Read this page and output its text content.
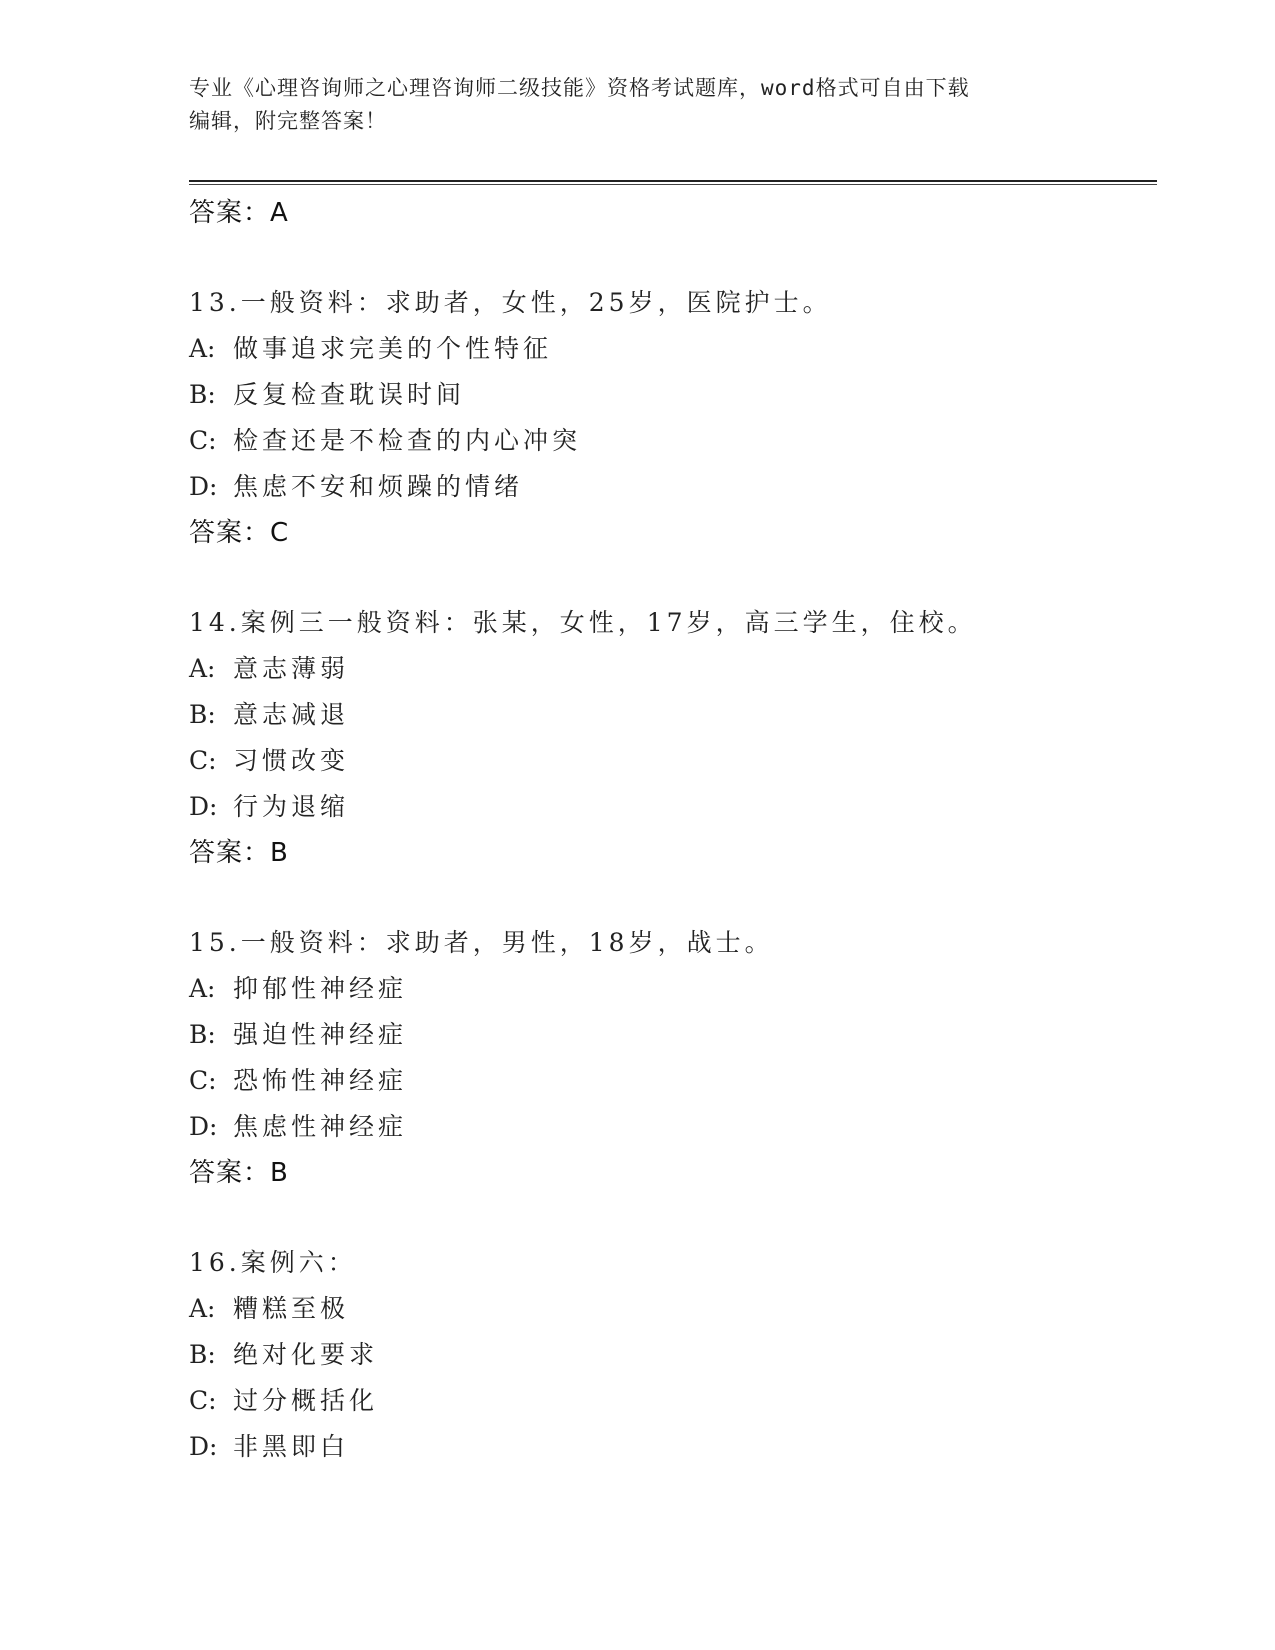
专业《心理咨询师之心理咨询师二级技能》资格考试题库，word格式可自由下载
编辑，附完整答案！
答案：A
13.一般资料：求助者，女性，25岁，医院护士。
A: 做事追求完美的个性特征
B: 反复检查耽误时间
C: 检查还是不检查的内心冲突
D: 焦虑不安和烦躁的情绪
答案：C
14.案例三一般资料：张某，女性，17岁，高三学生，住校。
A: 意志薄弱
B: 意志减退
C: 习惯改变
D: 行为退缩
答案：B
15.一般资料：求助者，男性，18岁，战士。
A: 抑郁性神经症
B: 强迫性神经症
C: 恐怖性神经症
D: 焦虑性神经症
答案：B
16.案例六：
A: 糟糕至极
B: 绝对化要求
C: 过分概括化
D: 非黑即白
